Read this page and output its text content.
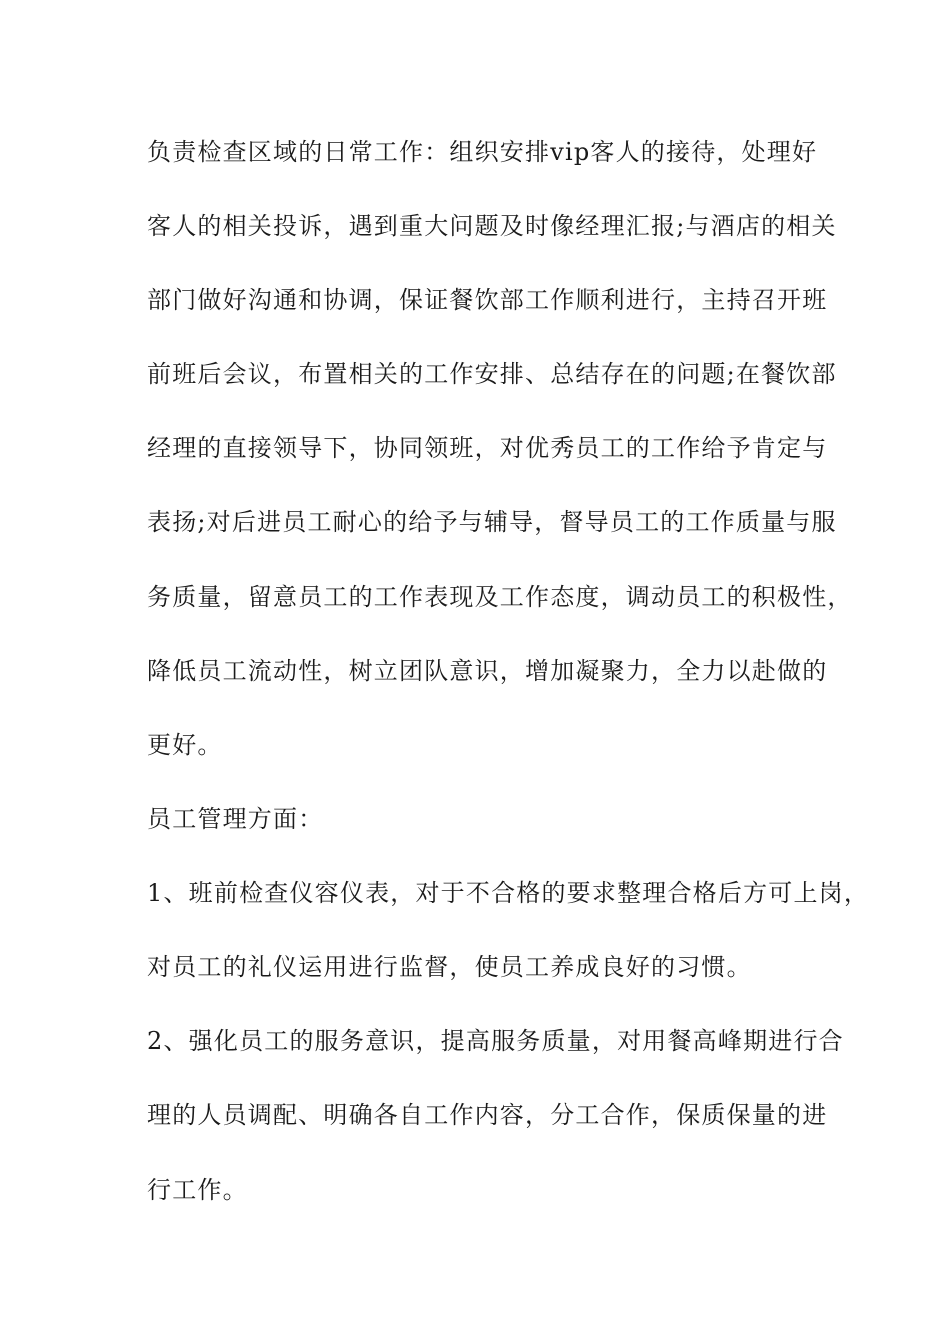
负责检查区域的日常工作：组织安排vip客人的接待，处理好
客人的相关投诉，遇到重大问题及时像经理汇报;与酒店的相关
部门做好沟通和协调，保证餐饮部工作顺利进行，主持召开班
前班后会议，布置相关的工作安排、总结存在的问题;在餐饮部
经理的直接领导下，协同领班，对优秀员工的工作给予肯定与
表扬;对后进员工耐心的给予与辅导，督导员工的工作质量与服
务质量，留意员工的工作表现及工作态度，调动员工的积极性，
降低员工流动性，树立团队意识，增加凝聚力，全力以赴做的
更好。
员工管理方面：
1、班前检查仪容仪表，对于不合格的要求整理合格后方可上岗，
对员工的礼仪运用进行监督，使员工养成良好的习惯。
2、强化员工的服务意识，提高服务质量，对用餐高峰期进行合
理的人员调配、明确各自工作内容，分工合作，保质保量的进
行工作。
